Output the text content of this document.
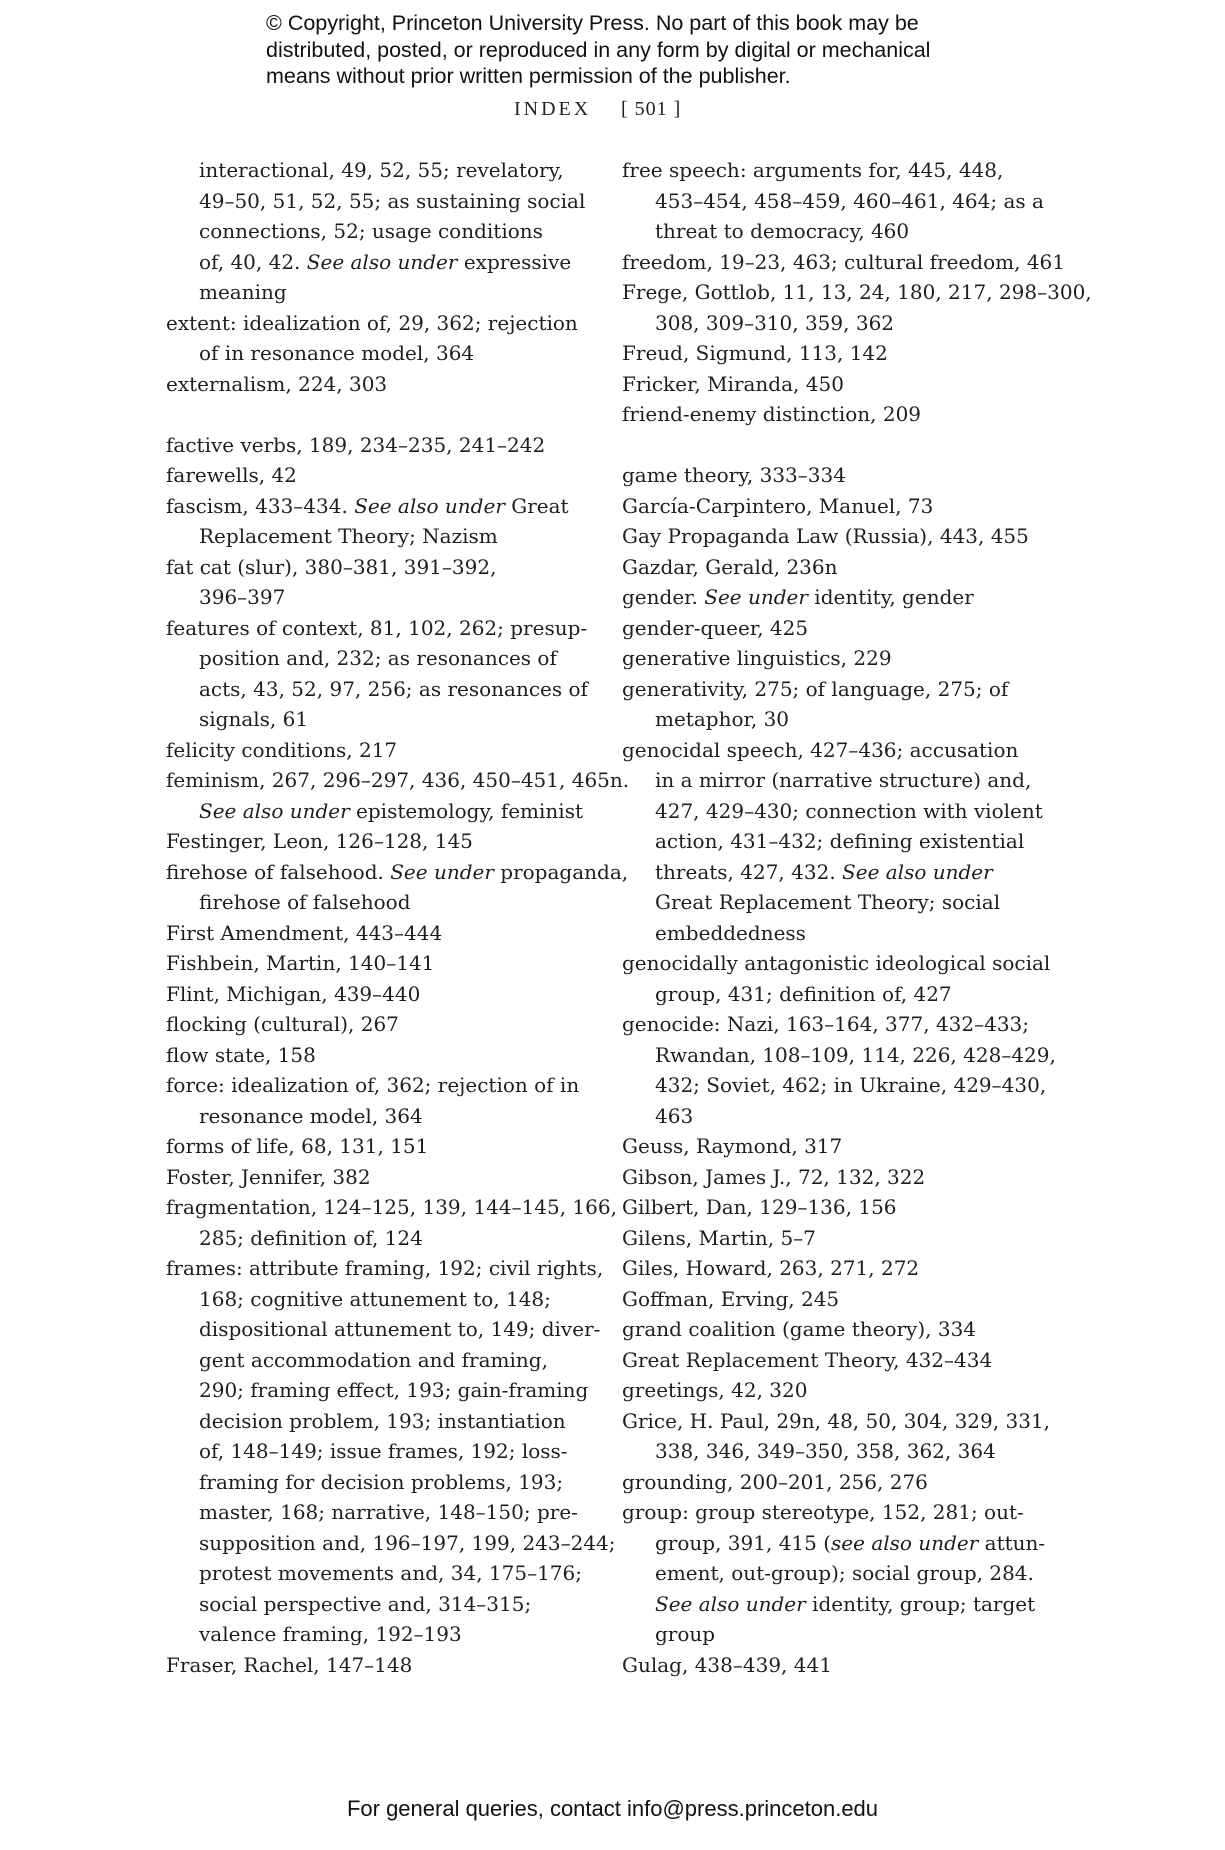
© Copyright, Princeton University Press. No part of this book may be
distributed, posted, or reproduced in any form by digital or mechanical
means without prior written permission of the publisher.
INDEX [ 501 ]
interactional, 49, 52, 55; revelatory,
49–50, 51, 52, 55; as sustaining social
connections, 52; usage conditions
of, 40, 42. See also under expressive
meaning
extent: idealization of, 29, 362; rejection
of in resonance model, 364
externalism, 224, 303
factive verbs, 189, 234–235, 241–242
farewells, 42
fascism, 433–434. See also under Great
Replacement Theory; Nazism
fat cat (slur), 380–381, 391–392,
396–397
features of context, 81, 102, 262; presup-
position and, 232; as resonances of
acts, 43, 52, 97, 256; as resonances of
signals, 61
felicity conditions, 217
feminism, 267, 296–297, 436, 450–451, 465n.
See also under epistemology, feminist
Festinger, Leon, 126–128, 145
firehose of falsehood. See under propaganda,
firehose of falsehood
First Amendment, 443–444
Fishbein, Martin, 140–141
Flint, Michigan, 439–440
flocking (cultural), 267
flow state, 158
force: idealization of, 362; rejection of in
resonance model, 364
forms of life, 68, 131, 151
Foster, Jennifer, 382
fragmentation, 124–125, 139, 144–145, 166,
285; definition of, 124
frames: attribute framing, 192; civil rights,
168; cognitive attunement to, 148;
dispositional attunement to, 149; diver-
gent accommodation and framing,
290; framing effect, 193; gain-framing
decision problem, 193; instantiation
of, 148–149; issue frames, 192; loss-
framing for decision problems, 193;
master, 168; narrative, 148–150; pre-
supposition and, 196–197, 199, 243–244;
protest movements and, 34, 175–176;
social perspective and, 314–315;
valence framing, 192–193
Fraser, Rachel, 147–148
free speech: arguments for, 445, 448,
453–454, 458–459, 460–461, 464; as a
threat to democracy, 460
freedom, 19–23, 463; cultural freedom, 461
Frege, Gottlob, 11, 13, 24, 180, 217, 298–300,
308, 309–310, 359, 362
Freud, Sigmund, 113, 142
Fricker, Miranda, 450
friend-enemy distinction, 209
game theory, 333–334
García-Carpintero, Manuel, 73
Gay Propaganda Law (Russia), 443, 455
Gazdar, Gerald, 236n
gender. See under identity, gender
gender-queer, 425
generative linguistics, 229
generativity, 275; of language, 275; of
metaphor, 30
genocidal speech, 427–436; accusation
in a mirror (narrative structure) and,
427, 429–430; connection with violent
action, 431–432; defining existential
threats, 427, 432. See also under
Great Replacement Theory; social
embeddedness
genocidally antagonistic ideological social
group, 431; definition of, 427
genocide: Nazi, 163–164, 377, 432–433;
Rwandan, 108–109, 114, 226, 428–429,
432; Soviet, 462; in Ukraine, 429–430,
463
Geuss, Raymond, 317
Gibson, James J., 72, 132, 322
Gilbert, Dan, 129–136, 156
Gilens, Martin, 5–7
Giles, Howard, 263, 271, 272
Goffman, Erving, 245
grand coalition (game theory), 334
Great Replacement Theory, 432–434
greetings, 42, 320
Grice, H. Paul, 29n, 48, 50, 304, 329, 331,
338, 346, 349–350, 358, 362, 364
grounding, 200–201, 256, 276
group: group stereotype, 152, 281; out-
group, 391, 415 (see also under attun-
ement, out-group); social group, 284.
See also under identity, group; target
group
Gulag, 438–439, 441
For general queries, contact info@press.princeton.edu
